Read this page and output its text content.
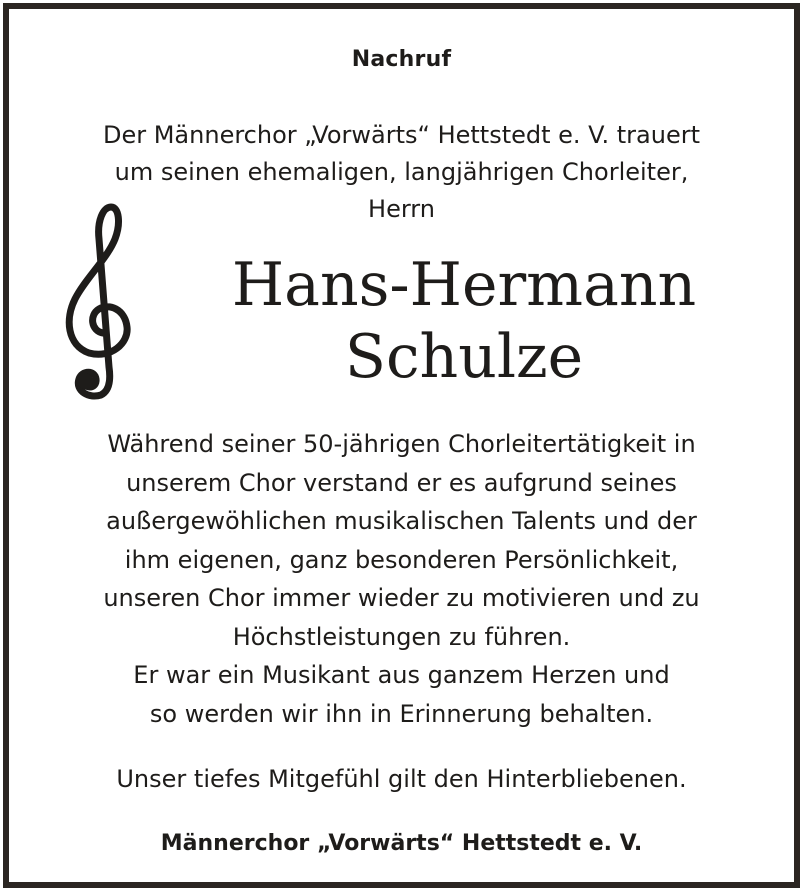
Nachruf
Der Männerchor „Vorwärts“ Hettstedt e. V. trauert
um seinen ehemaligen, langjährigen Chorleiter,
Herrn
Hans-Hermann
Schulze
Während seiner 50-jährigen Chorleitertätigkeit in
unserem Chor verstand er es aufgrund seines
außergewöhlichen musikalischen Talents und der
ihm eigenen, ganz besonderen Persönlichkeit,
unseren Chor immer wieder zu motivieren und zu
Höchstleistungen zu führen.
Er war ein Musikant aus ganzem Herzen und
so werden wir ihn in Erinnerung behalten.
Unser tiefes Mitgefühl gilt den Hinterbliebenen.
Männerchor „Vorwärts“ Hettstedt e. V.
